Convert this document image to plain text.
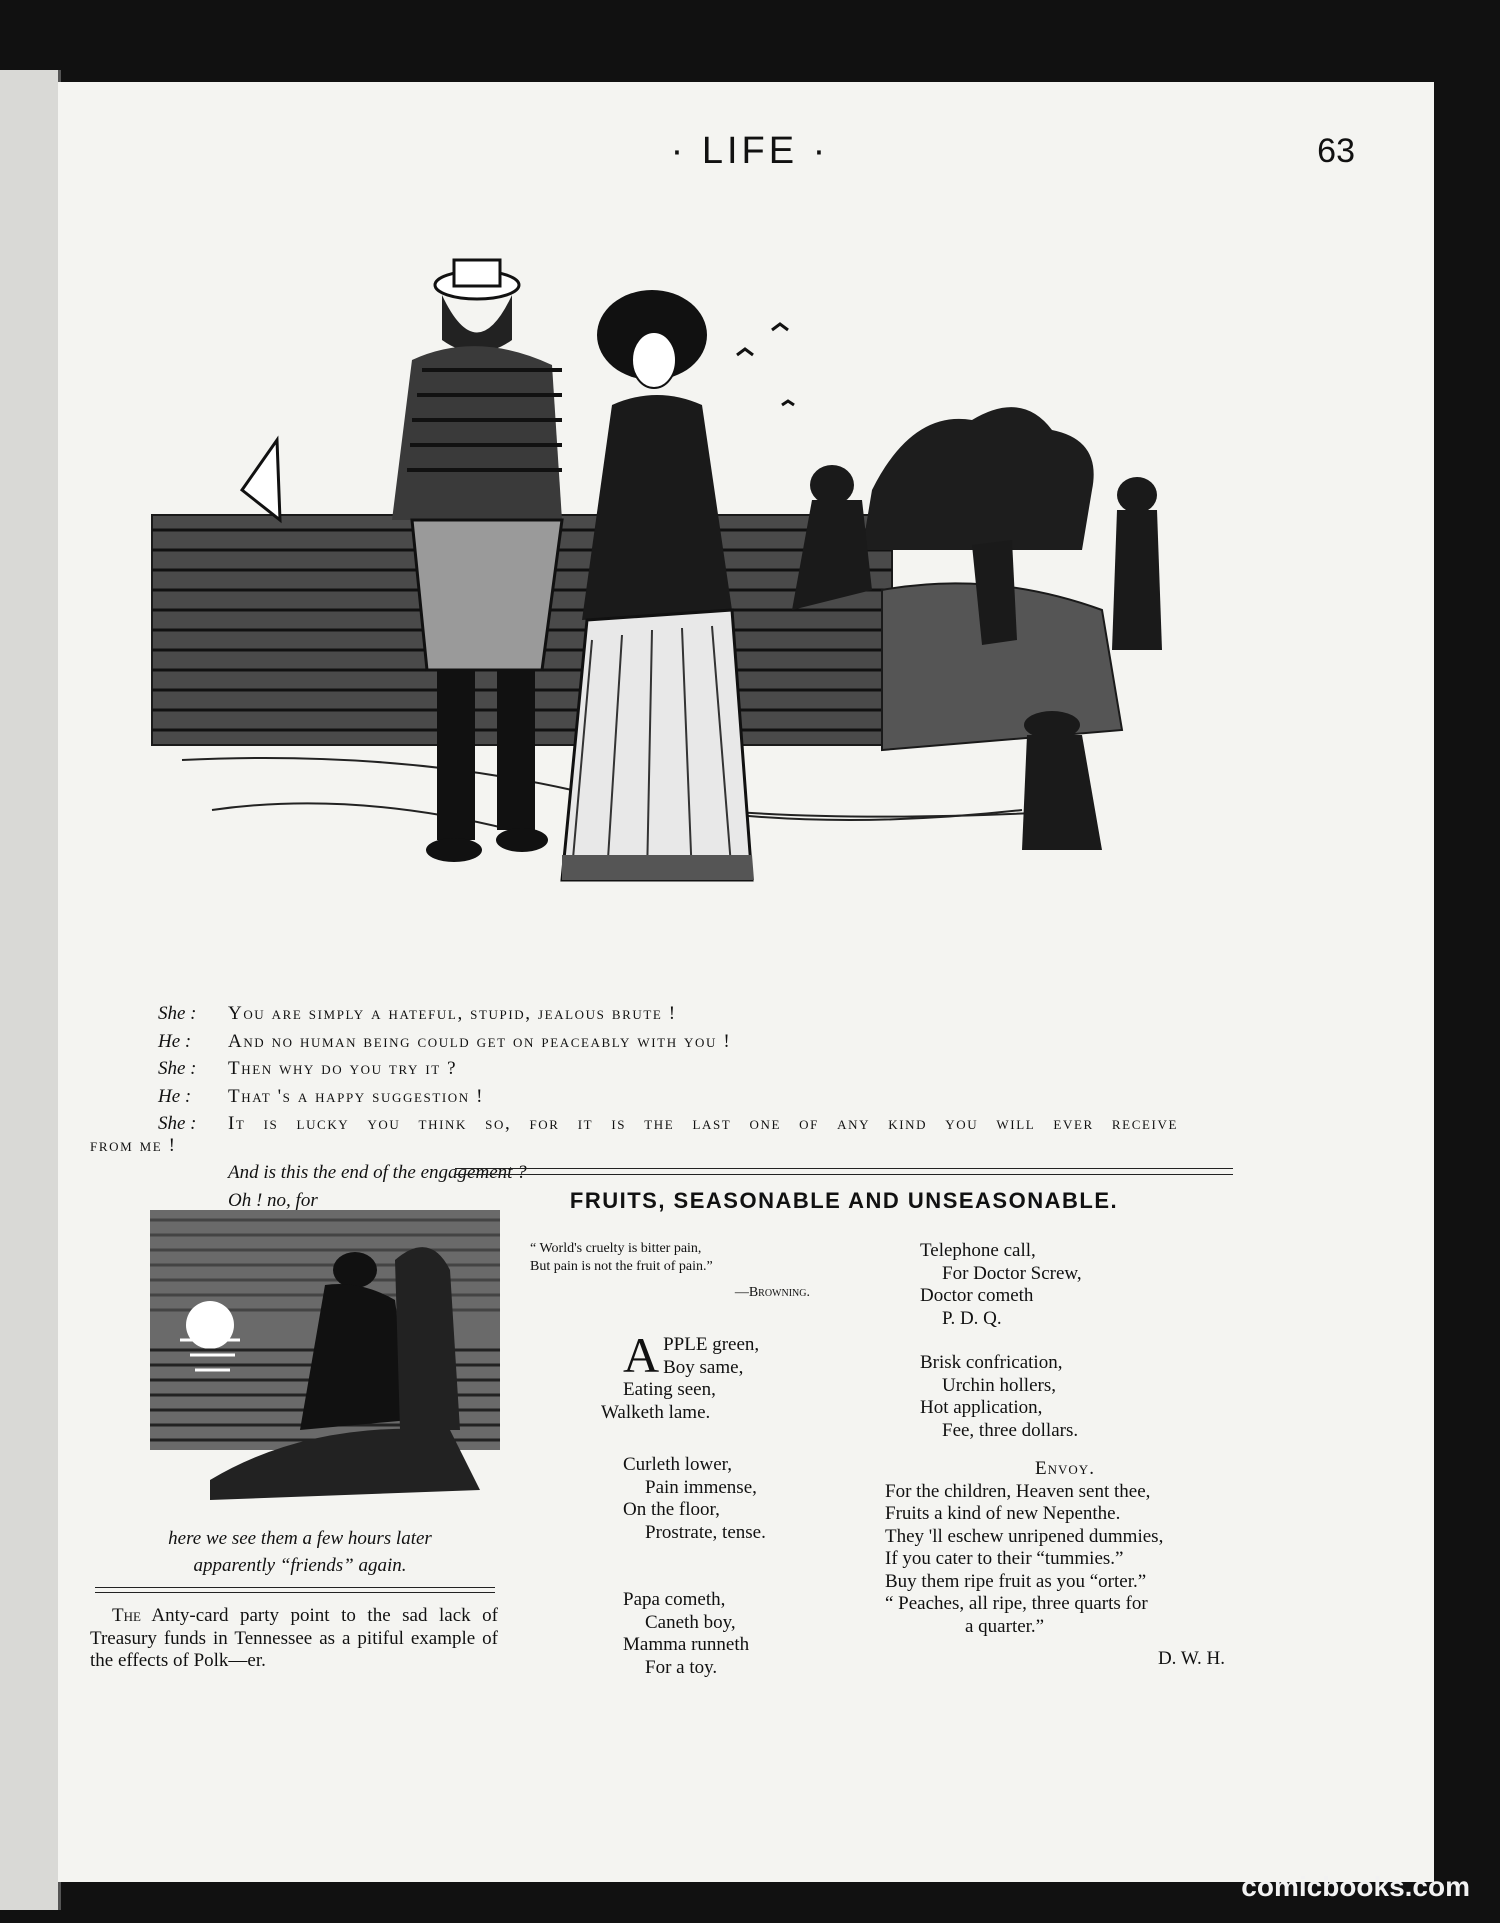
· LIFE ·	63
She : You are simply a hateful, stupid, jealous brute !
He : And no human being could get on peaceably with you !
She : Then why do you try it ?
He : That 's a happy suggestion !
She : It is lucky you think so, for it is the last one of any kind you will ever receive
from me !
And is this the end of the engagement ?
Oh ! no, for
here we see them a few hours later
apparently “friends” again.
The Anty-card party point to the sad lack of Treasury funds in Tennessee as a pitiful example of the effects of Polk—er.
FRUITS, SEASONABLE AND UNSEASONABLE.
“ World's cruelty is bitter pain,
But pain is not the fruit of pain.”
—Browning.
A PPLE green,
Boy same,
Eating seen,
Walketh lame.
Curleth lower,
Pain immense,
On the floor,
Prostrate, tense.
Papa cometh,
Caneth boy,
Mamma runneth
For a toy.
Telephone call,
For Doctor Screw,
Doctor cometh
P. D. Q.
Brisk confrication,
Urchin hollers,
Hot application,
Fee, three dollars.
Envoy.
For the children, Heaven sent thee,
Fruits a kind of new Nepenthe.
They 'll eschew unripened dummies,
If you cater to their “tummies.”
Buy them ripe fruit as you “orter.”
“ Peaches, all ripe, three quarts for
a quarter.”
D. W. H.
comicbooks.com
